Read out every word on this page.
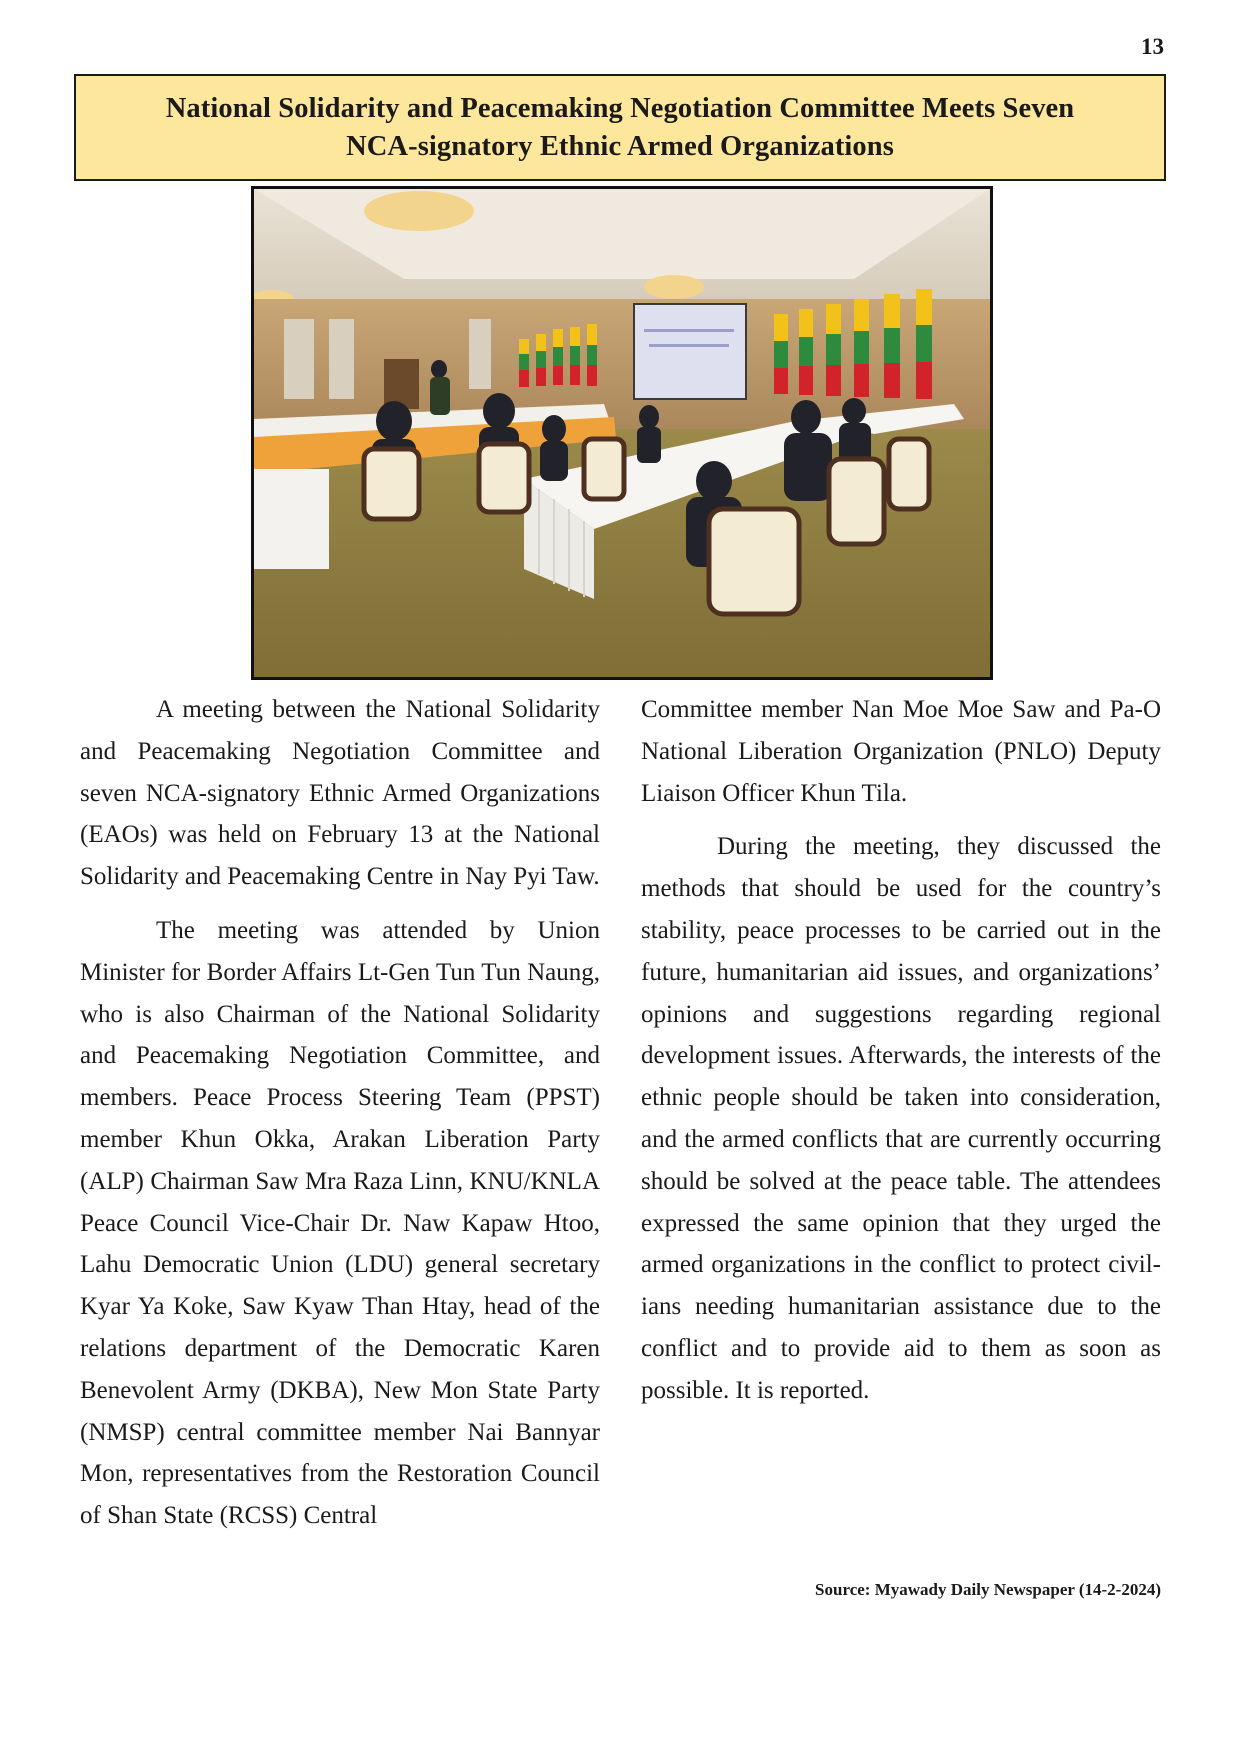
13
National Solidarity and Peacemaking Negotiation Committee Meets Seven
NCA-signatory Ethnic Armed Organizations

A meeting between the National Solidarity and Peacemaking Negotiation Committee and seven NCA-signatory Ethnic Armed Organizations (EAOs) was held on February 13 at the National Solidarity and Peacemaking Centre in Nay Pyi Taw.

The meeting was attended by Union Minister for Border Affairs Lt-Gen Tun Tun Naung, who is also Chairman of the National Solidarity and Peacemaking Negotiation Committee, and members. Peace Process Steering Team (PPST) member Khun Okka, Arakan Liberation Party (ALP) Chairman Saw Mra Raza Linn, KNU/KNLA Peace Council Vice-Chair Dr. Naw Kapaw Htoo, Lahu Democratic Union (LDU) general secretary Kyar Ya Koke, Saw Kyaw Than Htay, head of the relations department of the Democratic Karen Benevolent Army (DKBA), New Mon State Party (NMSP) central committee member Nai Bannyar Mon, representatives from the Restoration Council of Shan State (RCSS) Central

Committee member Nan Moe Moe Saw and Pa-O National Liberation Organization (PNLO) Deputy Liaison Officer Khun Tila.

During the meeting, they discussed the methods that should be used for the country’s stability, peace processes to be carried out in the future, humanitarian aid issues, and organizations’ opinions and suggestions regarding regional development issues. Afterwards, the interests of the ethnic people should be taken into consideration, and the armed conflicts that are currently occurring should be solved at the peace table. The attendees expressed the same opinion that they urged the armed organizations in the conflict to protect civilians needing humanitarian assistance due to the conflict and to provide aid to them as soon as possible. It is reported.

Source: Myawady Daily Newspaper (14-2-2024)
